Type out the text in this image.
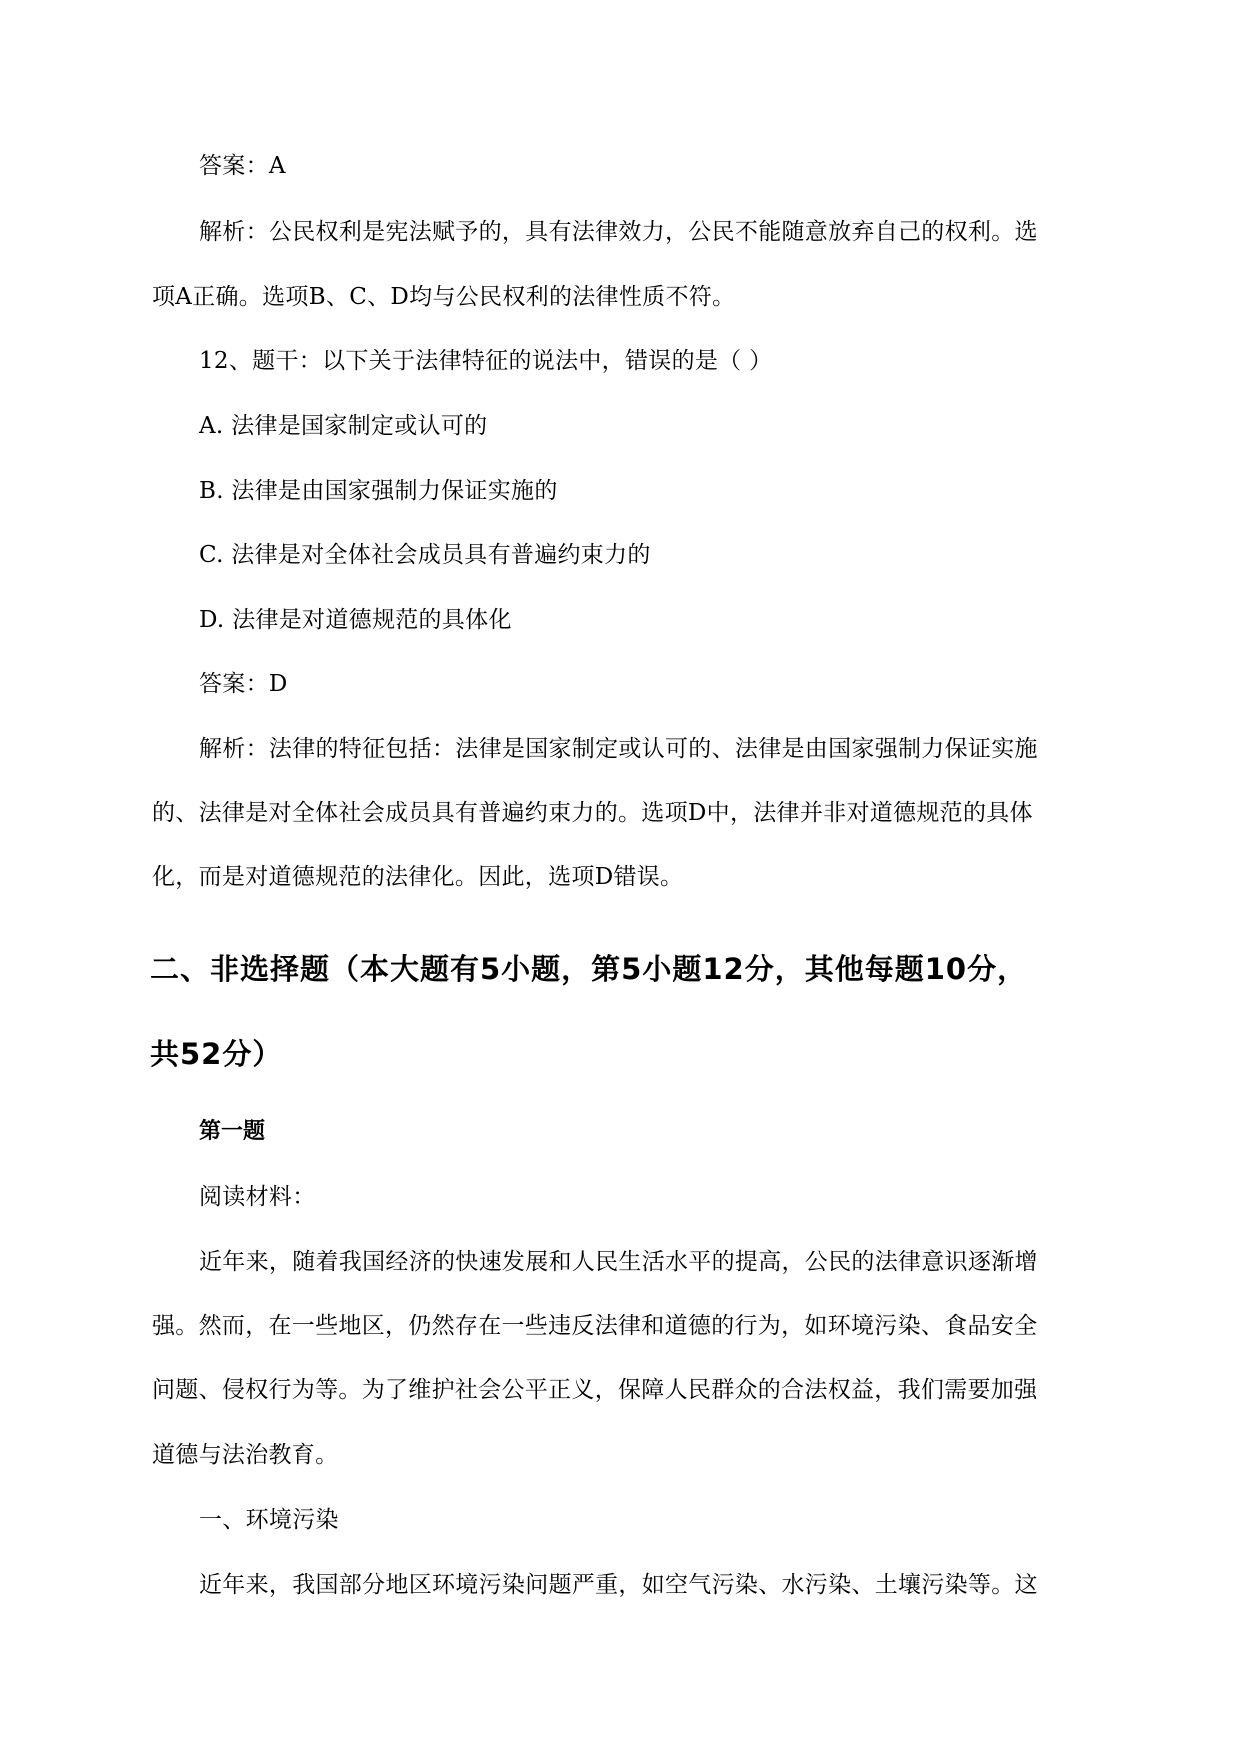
答案：A
解析：公民权利是宪法赋予的，具有法律效力，公民不能随意放弃自己的权利。选
项A正确。选项B、C、D均与公民权利的法律性质不符。
12、题干：以下关于法律特征的说法中，错误的是（ ）
A. 法律是国家制定或认可的
B. 法律是由国家强制力保证实施的
C. 法律是对全体社会成员具有普遍约束力的
D. 法律是对道德规范的具体化
答案：D
解析：法律的特征包括：法律是国家制定或认可的、法律是由国家强制力保证实施
的、法律是对全体社会成员具有普遍约束力的。选项D中，法律并非对道德规范的具体
化，而是对道德规范的法律化。因此，选项D错误。
二、非选择题（本大题有5小题，第5小题12分，其他每题10分，
共52分）
第一题
阅读材料：
近年来，随着我国经济的快速发展和人民生活水平的提高，公民的法律意识逐渐增
强。然而，在一些地区，仍然存在一些违反法律和道德的行为，如环境污染、食品安全
问题、侵权行为等。为了维护社会公平正义，保障人民群众的合法权益，我们需要加强
道德与法治教育。
一、环境污染
近年来，我国部分地区环境污染问题严重，如空气污染、水污染、土壤污染等。这
